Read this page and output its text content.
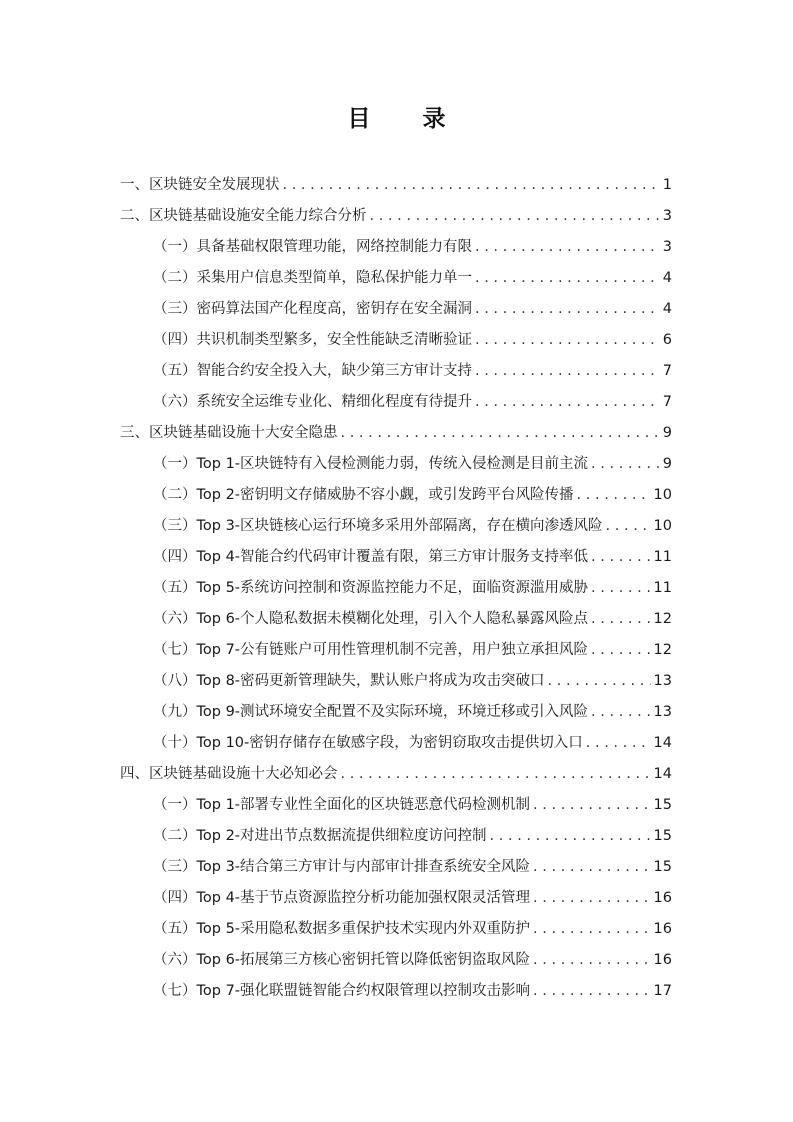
目 录
一、区块链安全发展现状 . . .	1
二、区块链基础设施安全能力综合分析 . . .	3
（一）具备基础权限管理功能，网络控制能力有限 . . .	3
（二）采集用户信息类型简单，隐私保护能力单一 . . .	4
（三）密码算法国产化程度高，密钥存在安全漏洞 . . .	4
（四）共识机制类型繁多，安全性能缺乏清晰验证 . . .	6
（五）智能合约安全投入大，缺少第三方审计支持 . . .	7
（六）系统安全运维专业化、精细化程度有待提升 . . .	7
三、区块链基础设施十大安全隐患 . . .	9
（一）Top 1-区块链特有入侵检测能力弱，传统入侵检测是目前主流 . . .	9
（二）Top 2-密钥明文存储威胁不容小觑，或引发跨平台风险传播 . . .	10
（三）Top 3-区块链核心运行环境多采用外部隔离，存在横向渗透风险 . . .	10
（四）Top 4-智能合约代码审计覆盖有限，第三方审计服务支持率低 . . .	11
（五）Top 5-系统访问控制和资源监控能力不足，面临资源滥用威胁 . . .	11
（六）Top 6-个人隐私数据未模糊化处理，引入个人隐私暴露风险点 . . .	12
（七）Top 7-公有链账户可用性管理机制不完善，用户独立承担风险 . . .	12
（八）Top 8-密码更新管理缺失，默认账户将成为攻击突破口 . . .	13
（九）Top 9-测试环境安全配置不及实际环境，环境迁移或引入风险 . . .	13
（十）Top 10-密钥存储存在敏感字段，为密钥窃取攻击提供切入口 . . .	14
四、区块链基础设施十大必知必会 . . .	14
（一）Top 1-部署专业性全面化的区块链恶意代码检测机制 . . .	15
（二）Top 2-对进出节点数据流提供细粒度访问控制 . . .	15
（三）Top 3-结合第三方审计与内部审计排查系统安全风险 . . .	15
（四）Top 4-基于节点资源监控分析功能加强权限灵活管理 . . .	16
（五）Top 5-采用隐私数据多重保护技术实现内外双重防护 . . .	16
（六）Top 6-拓展第三方核心密钥托管以降低密钥盗取风险 . . .	16
（七）Top 7-强化联盟链智能合约权限管理以控制攻击影响 . . .	17
